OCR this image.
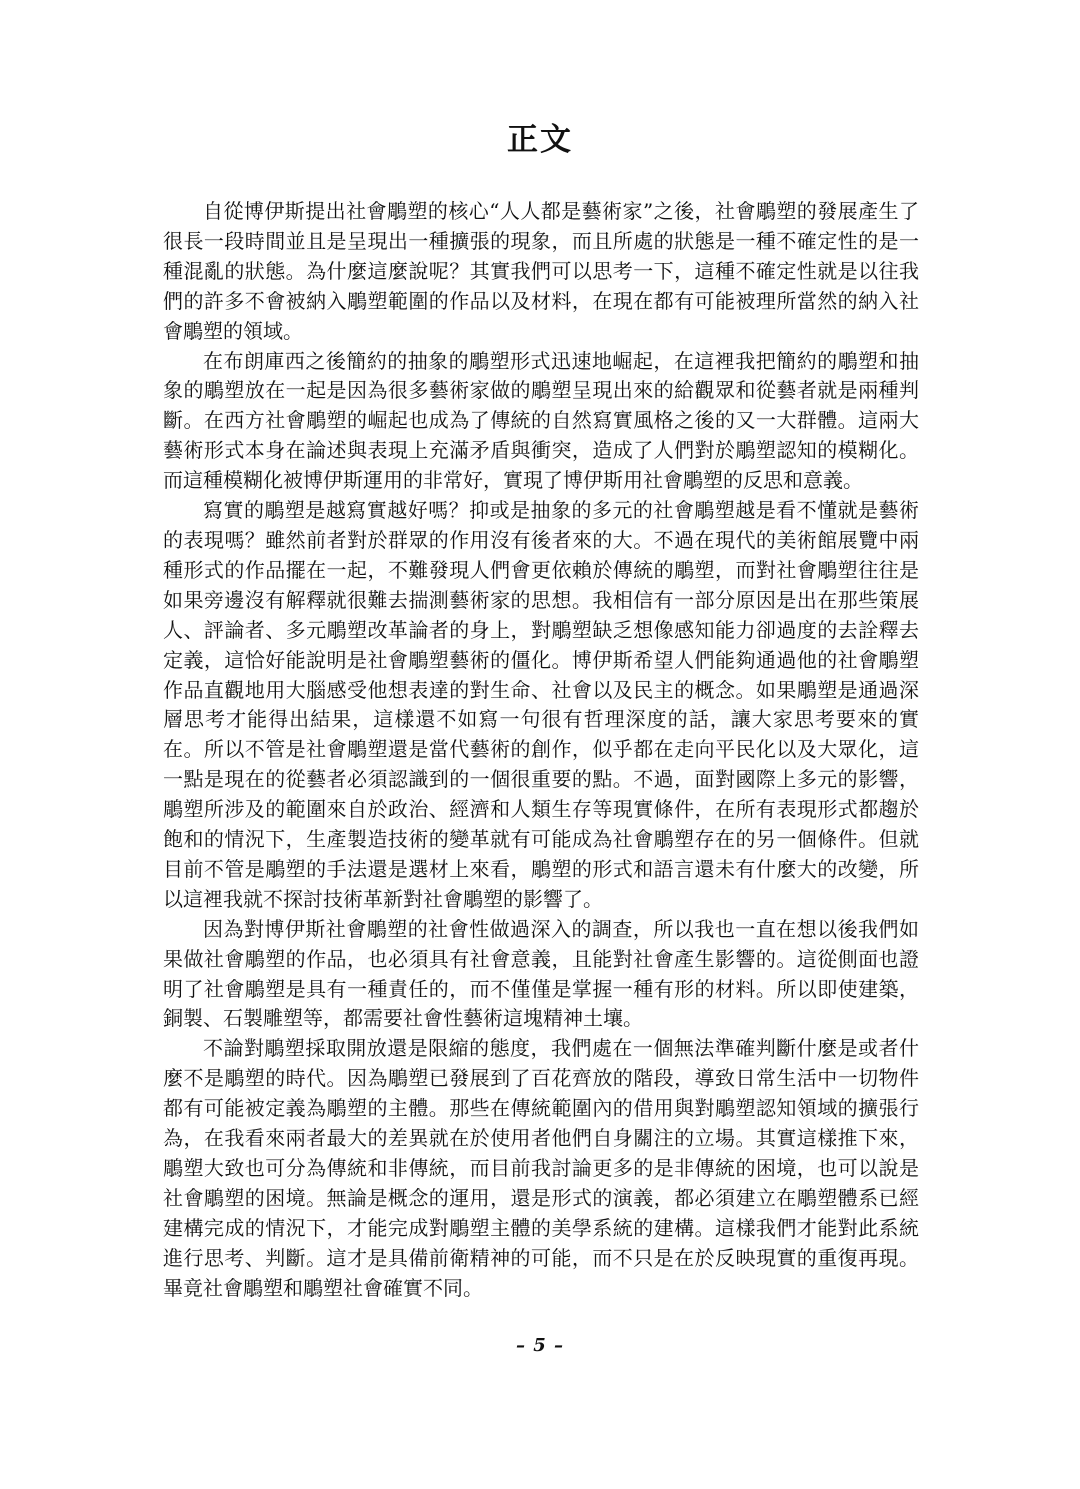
正文

自從博伊斯提出社會鵰塑的核心“人人都是藝術家”之後，社會鵰塑的發展產生了很長一段時間並且是呈現出一種擴張的現象，而且所處的狀態是一種不確定性的是一種混亂的狀態。為什麼這麼說呢？其實我們可以思考一下，這種不確定性就是以往我們的許多不會被納入鵰塑範圍的作品以及材料，在現在都有可能被理所當然的納入社會鵰塑的領域。

在布朗庫西之後簡約的抽象的鵰塑形式迅速地崛起，在這裡我把簡約的鵰塑和抽象的鵰塑放在一起是因為很多藝術家做的鵰塑呈現出來的給觀眾和從藝者就是兩種判斷。在西方社會鵰塑的崛起也成為了傳統的自然寫實風格之後的又一大群體。這兩大藝術形式本身在論述與表現上充滿矛盾與衝突，造成了人們對於鵰塑認知的模糊化。而這種模糊化被博伊斯運用的非常好，實現了博伊斯用社會鵰塑的反思和意義。

寫實的鵰塑是越寫實越好嗎？抑或是抽象的多元的社會鵰塑越是看不懂就是藝術的表現嗎？雖然前者對於群眾的作用沒有後者來的大。不過在現代的美術館展覽中兩種形式的作品擺在一起，不難發現人們會更依賴於傳統的鵰塑，而對社會鵰塑往往是如果旁邊沒有解釋就很難去揣測藝術家的思想。我相信有一部分原因是出在那些策展人、評論者、多元鵰塑改革論者的身上，對鵰塑缺乏想像感知能力卻過度的去詮釋去定義，這恰好能說明是社會鵰塑藝術的僵化。博伊斯希望人們能夠通過他的社會鵰塑作品直觀地用大腦感受他想表達的對生命、社會以及民主的概念。如果鵰塑是通過深層思考才能得出結果，這樣還不如寫一句很有哲理深度的話，讓大家思考要來的實在。所以不管是社會鵰塑還是當代藝術的創作，似乎都在走向平民化以及大眾化，這一點是現在的從藝者必須認識到的一個很重要的點。不過，面對國際上多元的影響，鵰塑所涉及的範圍來自於政治、經濟和人類生存等現實條件，在所有表現形式都趨於飽和的情況下，生產製造技術的變革就有可能成為社會鵰塑存在的另一個條件。但就目前不管是鵰塑的手法還是選材上來看，鵰塑的形式和語言還未有什麼大的改變，所以這裡我就不探討技術革新對社會鵰塑的影響了。

因為對博伊斯社會鵰塑的社會性做過深入的調查，所以我也一直在想以後我們如果做社會鵰塑的作品，也必須具有社會意義，且能對社會產生影響的。這從側面也證明了社會鵰塑是具有一種責任的，而不僅僅是掌握一種有形的材料。所以即使建築，銅製、石製雕塑等，都需要社會性藝術這塊精神土壤。

不論對鵰塑採取開放還是限縮的態度，我們處在一個無法準確判斷什麼是或者什麼不是鵰塑的時代。因為鵰塑已發展到了百花齊放的階段，導致日常生活中一切物件都有可能被定義為鵰塑的主體。那些在傳統範圍內的借用與對鵰塑認知領域的擴張行為，在我看來兩者最大的差異就在於使用者他們自身關注的立場。其實這樣推下來，鵰塑大致也可分為傳統和非傳統，而目前我討論更多的是非傳統的困境，也可以說是社會鵰塑的困境。無論是概念的運用，還是形式的演義，都必須建立在鵰塑體系已經建構完成的情況下，才能完成對鵰塑主體的美學系統的建構。這樣我們才能對此系統進行思考、判斷。這才是具備前衛精神的可能，而不只是在於反映現實的重復再現。畢竟社會鵰塑和鵰塑社會確實不同。

– 5 –
